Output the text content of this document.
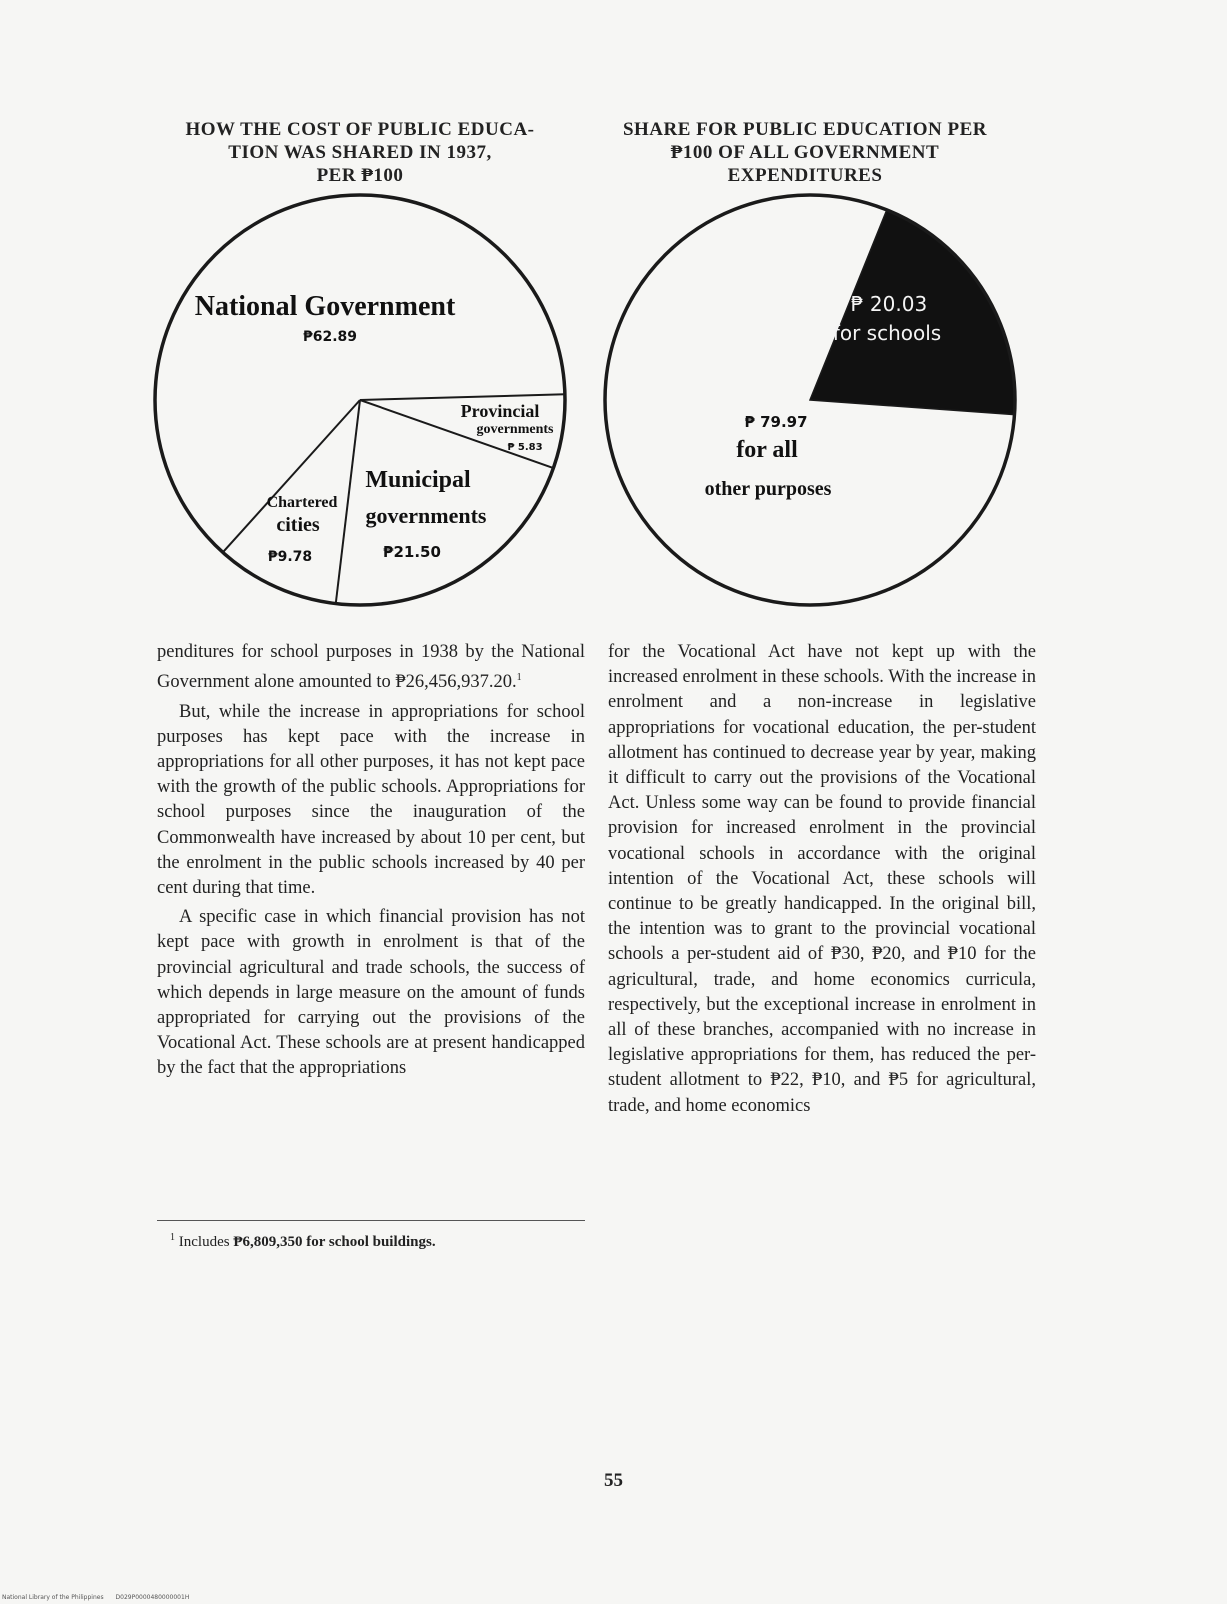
HOW THE COST OF PUBLIC EDUCA-
TION WAS SHARED IN 1937,
PER ₱100
SHARE FOR PUBLIC EDUCATION PER
₱100 OF ALL GOVERNMENT
EXPENDITURES
National Government
₱62.89
Provincial
governments
₱ 5.83
Municipal
governments
₱21.50
Chartered
cities
₱9.78
₱ 20.03
for schools
₱ 79.97
for all
other purposes

penditures for school purposes in 1938 by the National Government alone amounted to ₱26,456,937.20.$^1$

But, while the increase in appropriations for school purposes has kept pace with the increase in appropriations for all other purposes, it has not kept pace with the growth of the public schools. Appropriations for school purposes since the inauguration of the Commonwealth have increased by about 10 per cent, but the enrolment in the public schools increased by 40 per cent during that time.

A specific case in which financial provision has not kept pace with growth in enrolment is that of the provincial agricultural and trade schools, the success of which depends in large measure on the amount of funds appropriated for carrying out the provisions of the Vocational Act. These schools are at present handicapped by the fact that the appropriations

for the Vocational Act have not kept up with the increased enrolment in these schools. With the increase in enrolment and a non-increase in legislative appropriations for vocational education, the per-student allotment has continued to decrease year by year, making it difficult to carry out the provisions of the Vocational Act. Unless some way can be found to provide financial provision for increased enrolment in the provincial vocational schools in accordance with the original intention of the Vocational Act, these schools will continue to be greatly handicapped. In the original bill, the intention was to grant to the provincial vocational schools a per-student aid of ₱30, ₱20, and ₱10 for the agricultural, trade, and home economics curricula, respectively, but the exceptional increase in enrolment in all of these branches, accompanied with no increase in legislative appropriations for them, has reduced the per-student allotment to ₱22, ₱10, and ₱5 for agricultural, trade, and home economics

$^1$ Includes ₱6,809,350 for school buildings.
55
National Library of the Philippines D029P0000480000001H
